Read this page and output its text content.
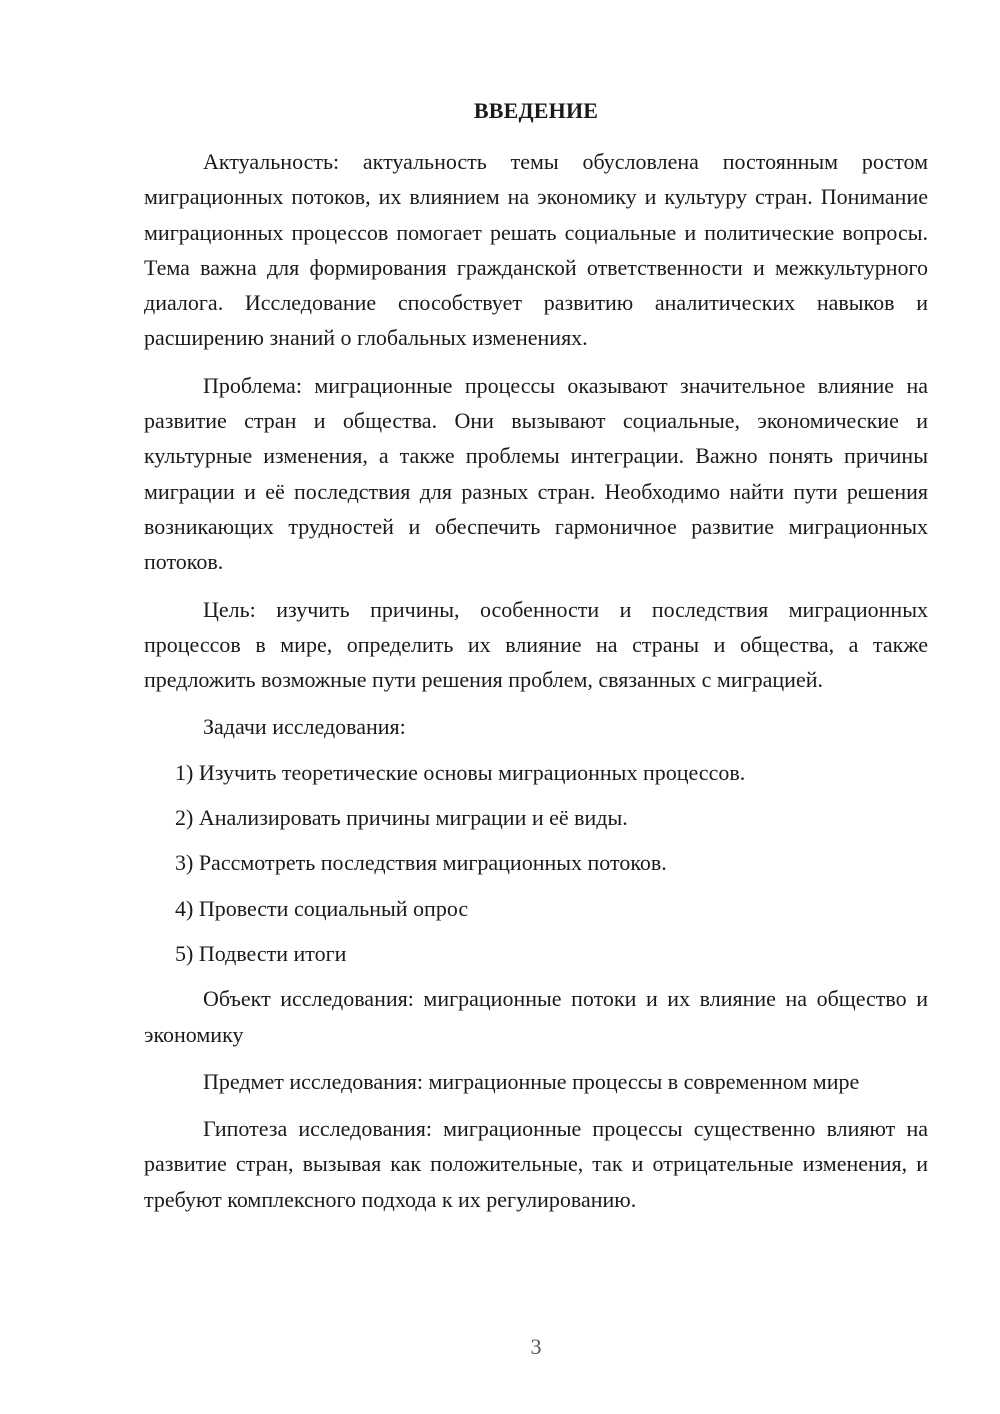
ВВЕДЕНИЕ

Актуальность: актуальность темы обусловлена постоянным ростом миграционных потоков, их влиянием на экономику и культуру стран. Понимание миграционных процессов помогает решать социальные и политические вопросы. Тема важна для формирования гражданской ответственности и межкультурного диалога. Исследование способствует развитию аналитических навыков и расширению знаний о глобальных изменениях.

Проблема: миграционные процессы оказывают значительное влияние на развитие стран и общества. Они вызывают социальные, экономические и культурные изменения, а также проблемы интеграции. Важно понять причины миграции и её последствия для разных стран. Необходимо найти пути решения возникающих трудностей и обеспечить гармоничное развитие миграционных потоков.

Цель: изучить причины, особенности и последствия миграционных процессов в мире, определить их влияние на страны и общества, а также предложить возможные пути решения проблем, связанных с миграцией.

Задачи исследования:

1) Изучить теоретические основы миграционных процессов.

2) Анализировать причины миграции и её виды.

3) Рассмотреть последствия миграционных потоков.

4) Провести социальный опрос

5) Подвести итоги

Объект исследования: миграционные потоки и их влияние на общество и экономику

Предмет исследования: миграционные процессы в современном мире

Гипотеза исследования: миграционные процессы существенно влияют на развитие стран, вызывая как положительные, так и отрицательные изменения, и требуют комплексного подхода к их регулированию.

3
